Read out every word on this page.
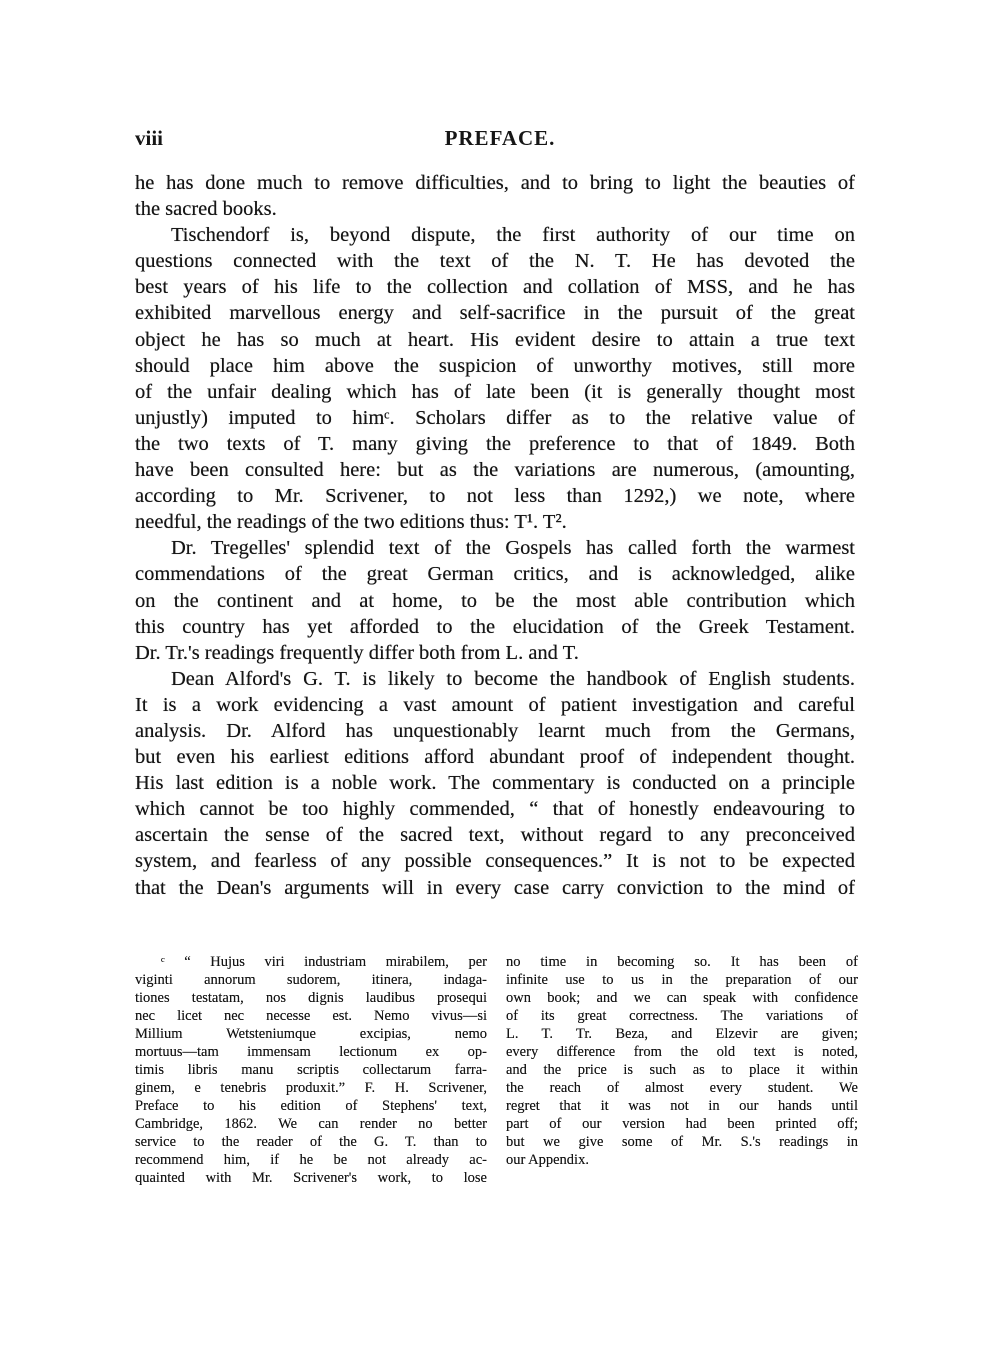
viii	PREFACE.
he has done much to remove difficulties, and to bring to light the beauties of
the sacred books.
Tischendorf is, beyond dispute, the first authority of our time on
questions connected with the text of the N. T. He has devoted the
best years of his life to the collection and collation of MSS, and he has
exhibited marvellous energy and self-sacrifice in the pursuit of the great
object he has so much at heart. His evident desire to attain a true text
should place him above the suspicion of unworthy motives, still more
of the unfair dealing which has of late been (it is generally thought most
unjustly) imputed to himᶜ. Scholars differ as to the relative value of
the two texts of T. many giving the preference to that of 1849. Both
have been consulted here: but as the variations are numerous, (amounting,
according to Mr. Scrivener, to not less than 1292,) we note, where
needful, the readings of the two editions thus: T¹. T².
Dr. Tregelles' splendid text of the Gospels has called forth the warmest
commendations of the great German critics, and is acknowledged, alike
on the continent and at home, to be the most able contribution which
this country has yet afforded to the elucidation of the Greek Testament.
Dr. Tr.'s readings frequently differ both from L. and T.
Dean Alford's G. T. is likely to become the handbook of English students.
It is a work evidencing a vast amount of patient investigation and careful
analysis. Dr. Alford has unquestionably learnt much from the Germans,
but even his earliest editions afford abundant proof of independent thought.
His last edition is a noble work. The commentary is conducted on a principle
which cannot be too highly commended, “ that of honestly endeavouring to
ascertain the sense of the sacred text, without regard to any preconceived
system, and fearless of any possible consequences.” It is not to be expected
that the Dean's arguments will in every case carry conviction to the mind of
ᶜ “ Hujus viri industriam mirabilem, per
viginti annorum sudorem, itinera, indaga-
tiones testatam, nos dignis laudibus prosequi
nec licet nec necesse est. Nemo vivus—si
Millium Wetsteniumque excipias, nemo
mortuus—tam immensam lectionum ex op-
timis libris manu scriptis collectarum farra-
ginem, e tenebris produxit.” F. H. Scrivener,
Preface to his edition of Stephens' text,
Cambridge, 1862. We can render no better
service to the reader of the G. T. than to
recommend him, if he be not already ac-
quainted with Mr. Scrivener's work, to lose
no time in becoming so. It has been of
infinite use to us in the preparation of our
own book; and we can speak with confidence
of its great correctness. The variations of
L. T. Tr. Beza, and Elzevir are given;
every difference from the old text is noted,
and the price is such as to place it within
the reach of almost every student. We
regret that it was not in our hands until
part of our version had been printed off;
but we give some of Mr. S.'s readings in
our Appendix.
